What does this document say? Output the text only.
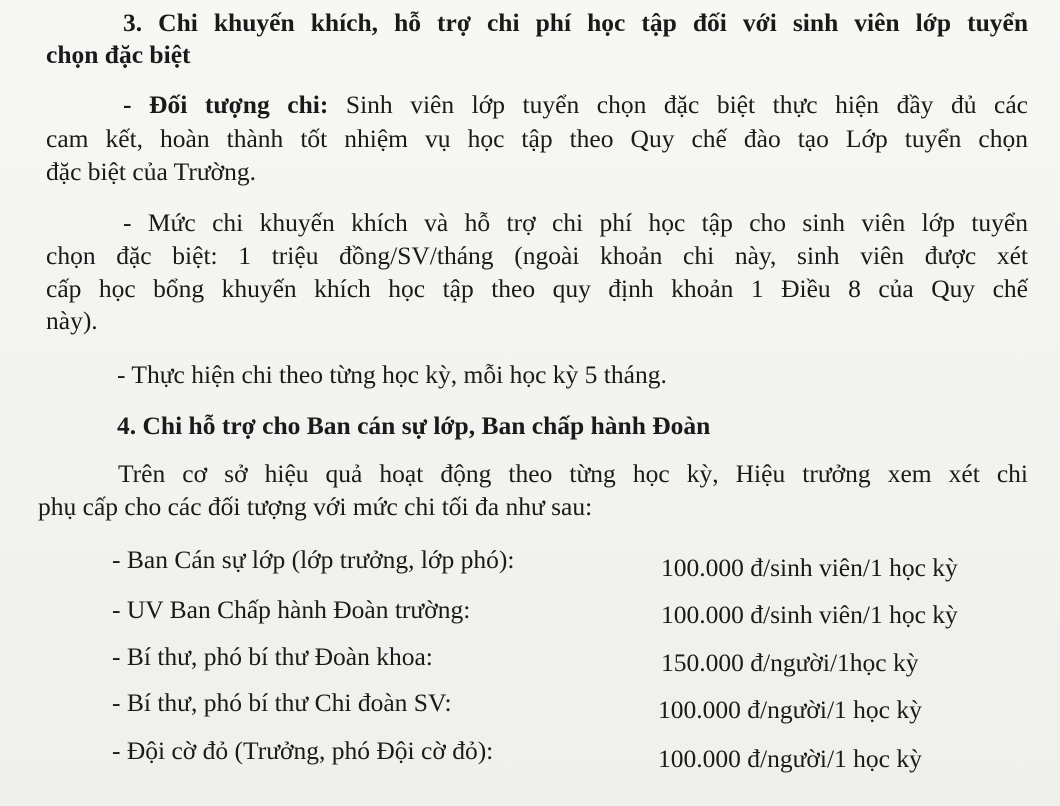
3. Chi khuyến khích, hỗ trợ chi phí học tập đối với sinh viên lớp tuyển
chọn đặc biệt
- Đối tượng chi: Sinh viên lớp tuyển chọn đặc biệt thực hiện đầy đủ các
cam kết, hoàn thành tốt nhiệm vụ học tập theo Quy chế đào tạo Lớp tuyển chọn
đặc biệt của Trường.
- Mức chi khuyến khích và hỗ trợ chi phí học tập cho sinh viên lớp tuyển
chọn đặc biệt: 1 triệu đồng/SV/tháng (ngoài khoản chi này, sinh viên được xét
cấp học bổng khuyến khích học tập theo quy định khoản 1 Điều 8 của Quy chế
này).
- Thực hiện chi theo từng học kỳ, mỗi học kỳ 5 tháng.
4. Chi hỗ trợ cho Ban cán sự lớp, Ban chấp hành Đoàn
Trên cơ sở hiệu quả hoạt động theo từng học kỳ, Hiệu trưởng xem xét chi
phụ cấp cho các đối tượng với mức chi tối đa như sau:
- Ban Cán sự lớp (lớp trưởng, lớp phó):	100.000 đ/sinh viên/1 học kỳ
- UV Ban Chấp hành Đoàn trường:	100.000 đ/sinh viên/1 học kỳ
- Bí thư, phó bí thư Đoàn khoa:	150.000 đ/người/1học kỳ
- Bí thư, phó bí thư Chi đoàn SV:	100.000 đ/người/1 học kỳ
- Đội cờ đỏ (Trưởng, phó Đội cờ đỏ):	100.000 đ/người/1 học kỳ
